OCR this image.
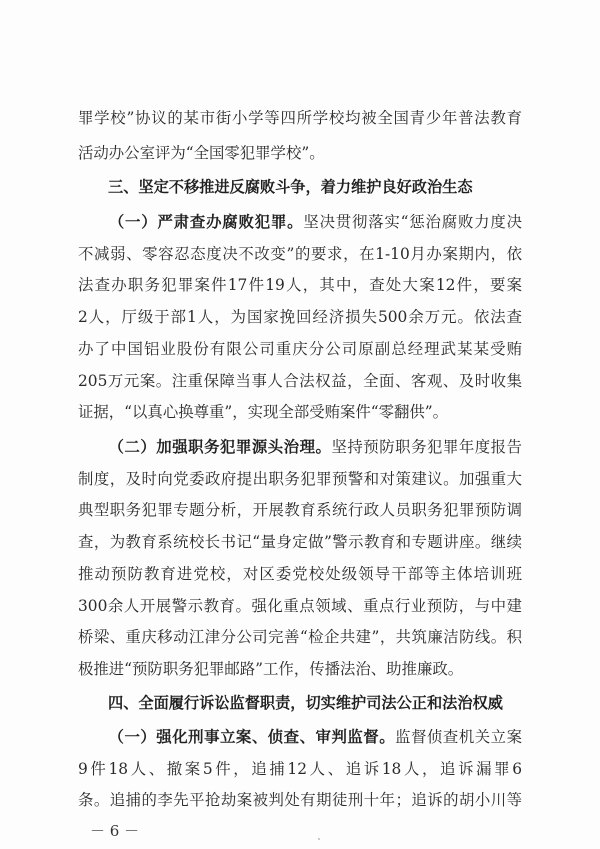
罪学校”协议的某市街小学等四所学校均被全国青少年普法教育
活动办公室评为“全国零犯罪学校”。
三、坚定不移推进反腐败斗争，着力维护良好政治生态
（一）严肃查办腐败犯罪。坚决贯彻落实“惩治腐败力度决
不减弱、零容忍态度决不改变”的要求，在1-10月办案期内，依
法查办职务犯罪案件17件19人，其中，查处大案12件，要案
2人，厅级于部1人，为国家挽回经济损失500余万元。依法查
办了中国铝业股份有限公司重庆分公司原副总经理武某某受贿
205万元案。注重保障当事人合法权益，全面、客观、及时收集
证据，“以真心换尊重”，实现全部受贿案件“零翻供”。
（二）加强职务犯罪源头治理。坚持预防职务犯罪年度报告
制度，及时向党委政府提出职务犯罪预警和对策建议。加强重大
典型职务犯罪专题分析，开展教育系统行政人员职务犯罪预防调
查，为教育系统校长书记“量身定做”警示教育和专题讲座。继续
推动预防教育进党校，对区委党校处级领导干部等主体培训班
300余人开展警示教育。强化重点领域、重点行业预防，与中建
桥梁、重庆移动江津分公司完善“检企共建”，共筑廉洁防线。积
极推进“预防职务犯罪邮路”工作，传播法治、助推廉政。
四、全面履行诉讼监督职责，切实维护司法公正和法治权威
（一）强化刑事立案、侦查、审判监督。监督侦查机关立案
9件18人、撤案5件，追捕12人、追诉18人，追诉漏罪6
条。追捕的李先平抢劫案被判处有期徒刑十年；追诉的胡小川等
－ 6 －
